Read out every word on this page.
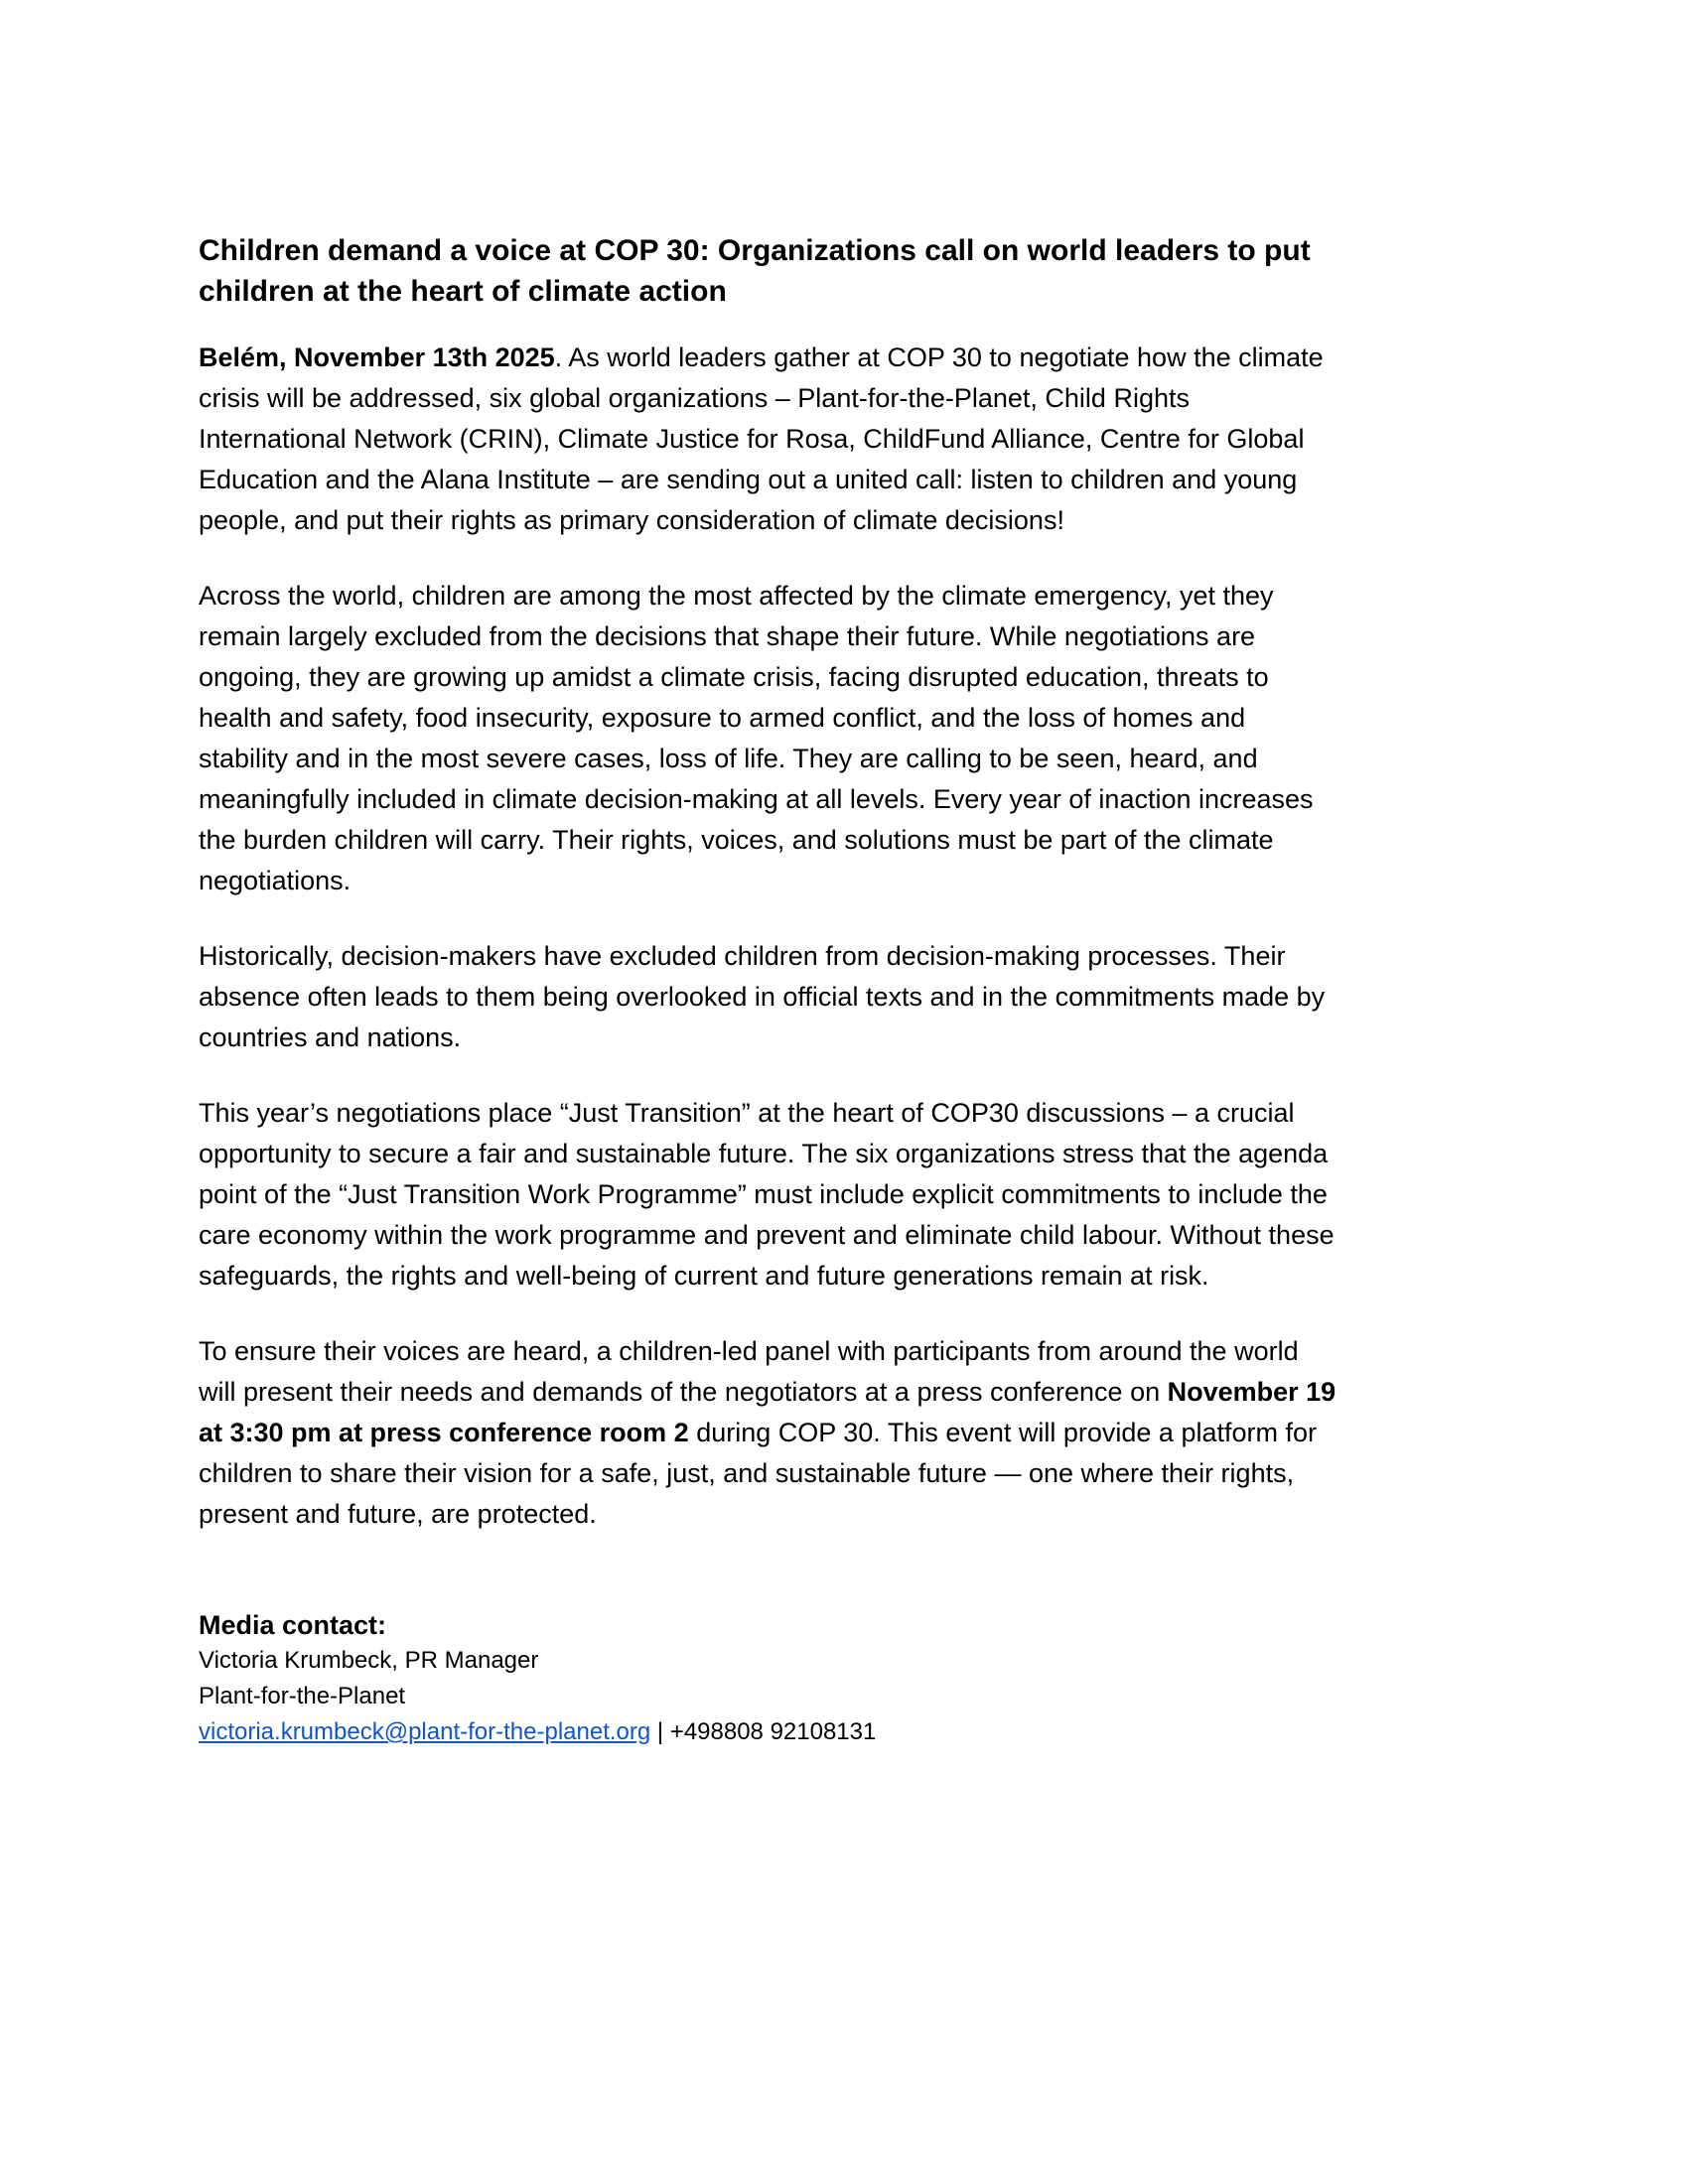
Children demand a voice at COP 30: Organizations call on world leaders to put
children at the heart of climate action

Belém, November 13th 2025. As world leaders gather at COP 30 to negotiate how the climate
crisis will be addressed, six global organizations – Plant-for-the-Planet, Child Rights
International Network (CRIN), Climate Justice for Rosa, ChildFund Alliance, Centre for Global
Education and the Alana Institute – are sending out a united call: listen to children and young
people, and put their rights as primary consideration of climate decisions!

Across the world, children are among the most affected by the climate emergency, yet they
remain largely excluded from the decisions that shape their future. While negotiations are
ongoing, they are growing up amidst a climate crisis, facing disrupted education, threats to
health and safety, food insecurity, exposure to armed conflict, and the loss of homes and
stability and in the most severe cases, loss of life. They are calling to be seen, heard, and
meaningfully included in climate decision-making at all levels. Every year of inaction increases
the burden children will carry. Their rights, voices, and solutions must be part of the climate
negotiations.

Historically, decision-makers have excluded children from decision-making processes. Their
absence often leads to them being overlooked in official texts and in the commitments made by
countries and nations.

This year’s negotiations place “Just Transition” at the heart of COP30 discussions – a crucial
opportunity to secure a fair and sustainable future. The six organizations stress that the agenda
point of the “Just Transition Work Programme” must include explicit commitments to include the
care economy within the work programme and prevent and eliminate child labour. Without these
safeguards, the rights and well-being of current and future generations remain at risk.

To ensure their voices are heard, a children-led panel with participants from around the world
will present their needs and demands of the negotiators at a press conference on November 19
at 3:30 pm at press conference room 2 during COP 30. This event will provide a platform for
children to share their vision for a safe, just, and sustainable future — one where their rights,
present and future, are protected.

Media contact:

Victoria Krumbeck, PR Manager

Plant-for-the-Planet

victoria.krumbeck@plant-for-the-planet.org | +498808 92108131
